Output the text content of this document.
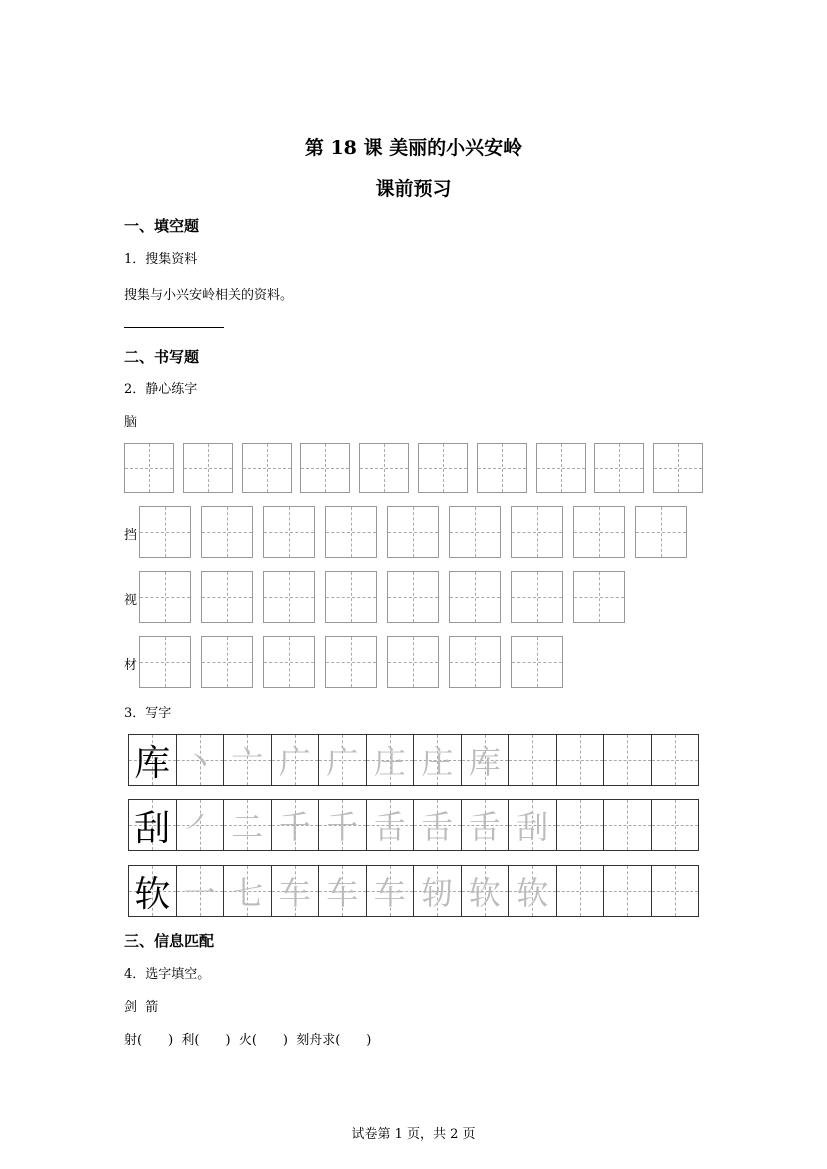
第 18 课 美丽的小兴安岭
课前预习
一、填空题
1．搜集资料
搜集与小兴安岭相关的资料。
二、书写题
2．静心练字
3．写字
三、信息匹配
4．选字填空。
剑  箭
射(　　)  利(　　)  火(　　)  刻舟求(　　)
试卷第 1 页，共 2 页
脑
挡
视
材
库 丶 亠 广 广 庄 庄 库
刮 ㇒ 二 千 千 舌 舌 舌 刮
软 一 七 车 车 车 轫 软 软
